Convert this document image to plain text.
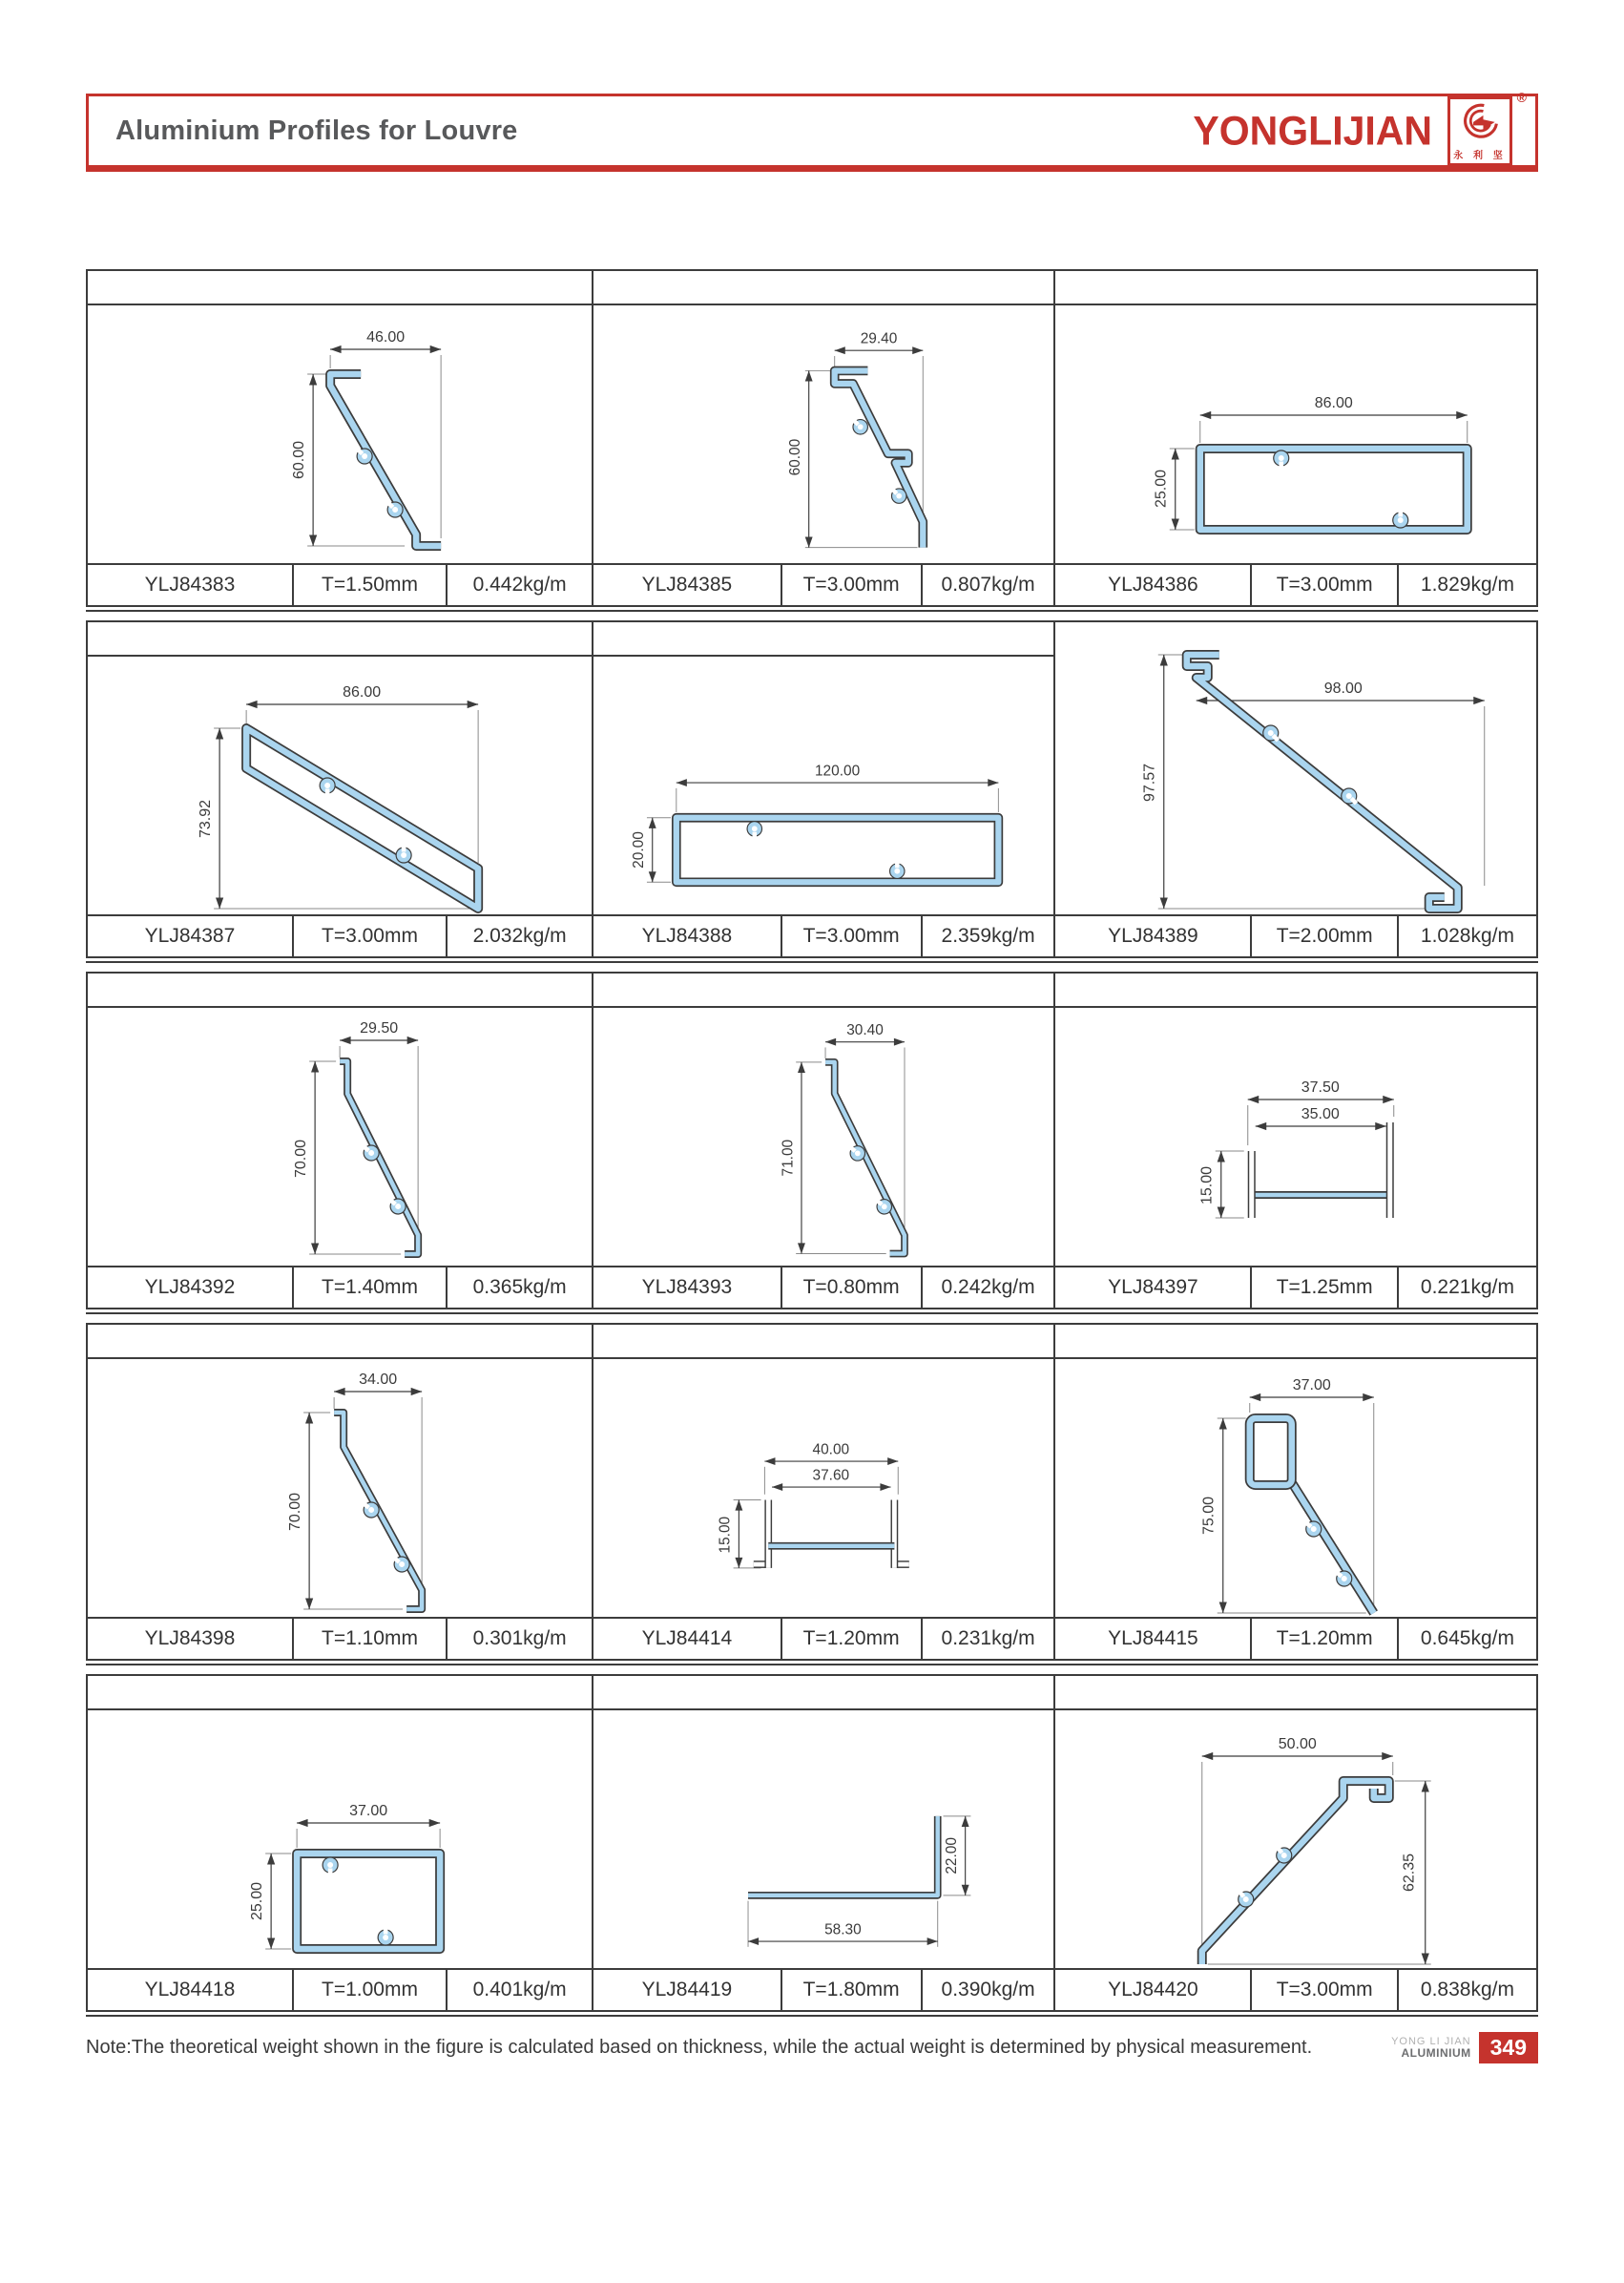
Aluminium Profiles for Louvre	YONGLIJIAN
®
永 利 坚
46.00
60.00
29.40
60.00
86.00
25.00
YLJ84383	T=1.50mm	0.442kg/m	YLJ84385	T=3.00mm	0.807kg/m	YLJ84386	T=3.00mm	1.829kg/m
86.00
73.92
120.00
20.00
98.00
97.57
YLJ84387	T=3.00mm	2.032kg/m	YLJ84388	T=3.00mm	2.359kg/m	YLJ84389	T=2.00mm	1.028kg/m
29.50
70.00
30.40
71.00
37.50
35.00
15.00
YLJ84392	T=1.40mm	0.365kg/m	YLJ84393	T=0.80mm	0.242kg/m	YLJ84397	T=1.25mm	0.221kg/m
34.00
70.00
40.00
37.60
15.00
37.00
75.00
YLJ84398	T=1.10mm	0.301kg/m	YLJ84414	T=1.20mm	0.231kg/m	YLJ84415	T=1.20mm	0.645kg/m
37.00
25.00
22.00
58.30
50.00
62.35
YLJ84418	T=1.00mm	0.401kg/m	YLJ84419	T=1.80mm	0.390kg/m	YLJ84420	T=3.00mm	0.838kg/m
Note:The theoretical weight shown in the figure is calculated based on thickness, while the actual weight is determined by physical measurement.	YONG LI JIAN
ALUMINIUM 349
